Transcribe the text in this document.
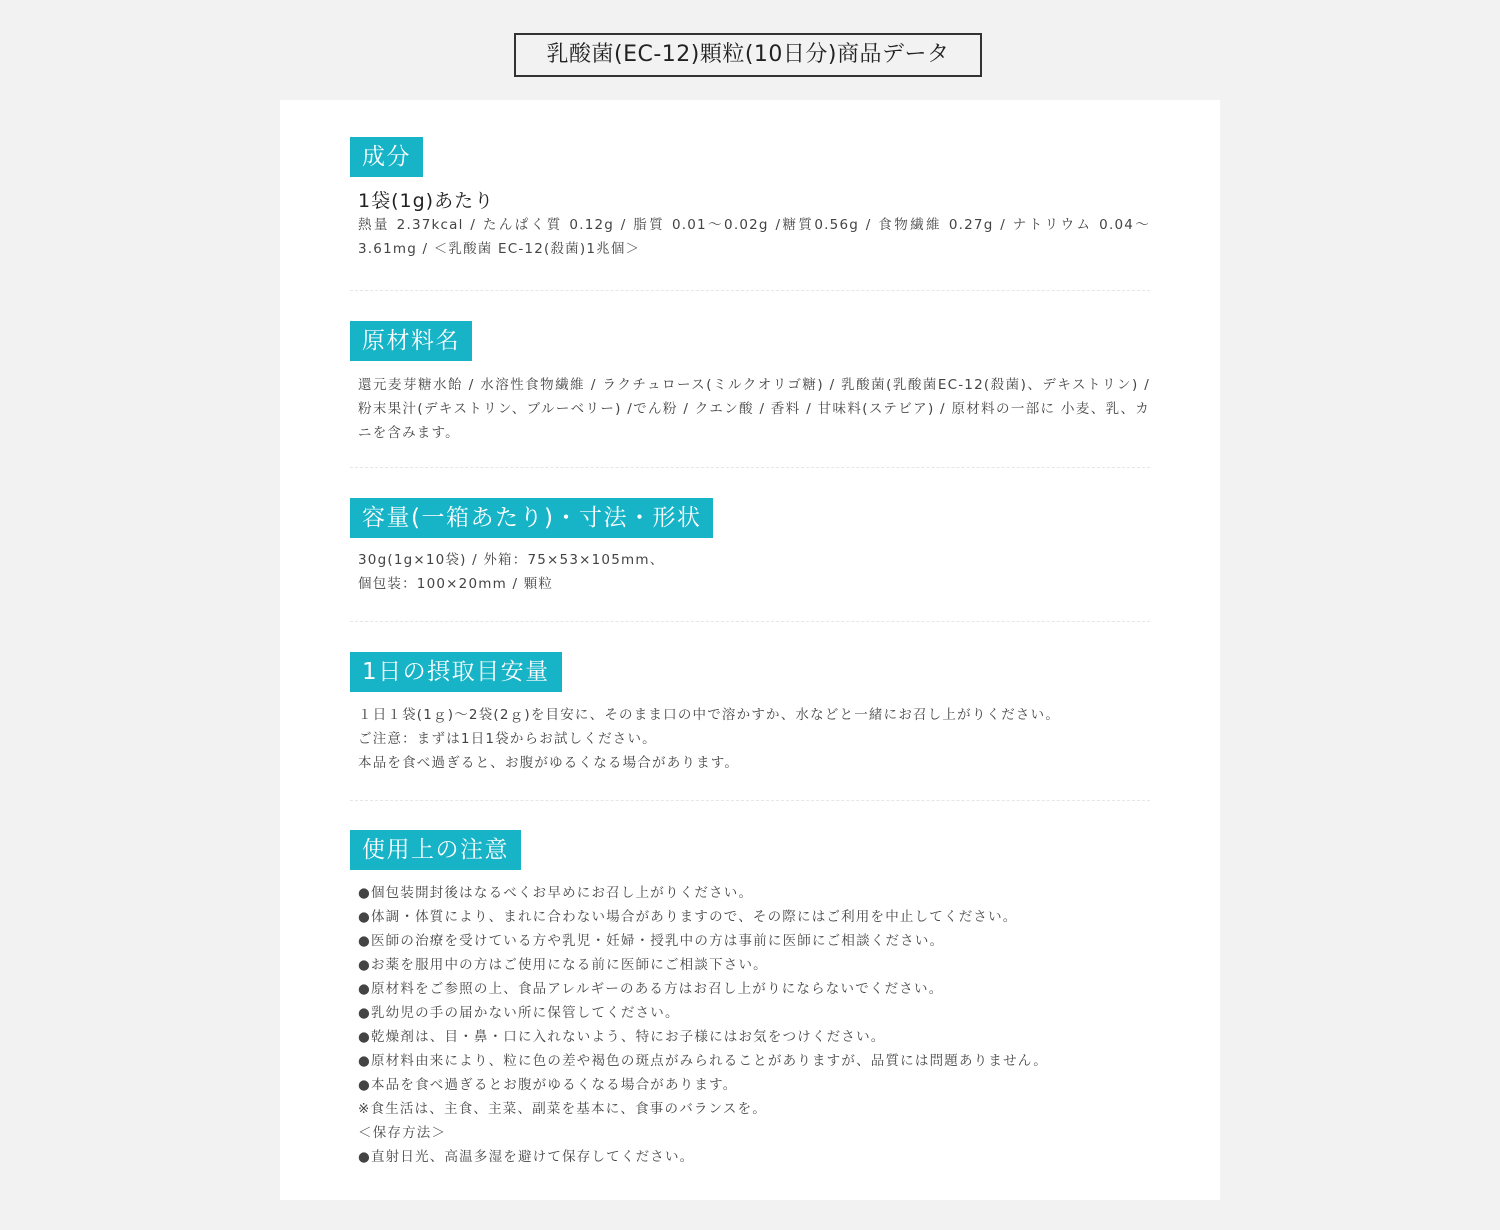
乳酸菌(EC-12)顆粒(10日分)商品データ
成分
1袋(1g)あたり
熱量 2.37kcal / たんぱく質 0.12g / 脂質 0.01～0.02g /糖質0.56g / 食物繊維 0.27g / ナトリウム 0.04～3.61mg / ＜乳酸菌 EC-12(殺菌)1兆個＞
原材料名
還元麦芽糖水飴 / 水溶性食物繊維 / ラクチュロース(ミルクオリゴ糖) / 乳酸菌(乳酸菌EC-12(殺菌)、デキストリン) / 粉末果汁(デキストリン、ブルーベリー) /でん粉 / クエン酸 / 香料 / 甘味料(ステビア) / 原材料の一部に 小麦、乳、カニを含みます。
容量(一箱あたり)・寸法・形状

30g(1g×10袋) / 外箱：75×53×105mm、

個包装：100×20mm / 顆粒

1日の摂取目安量

１日１袋(1ｇ)～2袋(2ｇ)を目安に、そのまま口の中で溶かすか、水などと一緒にお召し上がりください。

ご注意：まずは1日1袋からお試しください。

本品を食べ過ぎると、お腹がゆるくなる場合があります。

使用上の注意

●個包装開封後はなるべくお早めにお召し上がりください。

●体調・体質により、まれに合わない場合がありますので、その際にはご利用を中止してください。

●医師の治療を受けている方や乳児・妊婦・授乳中の方は事前に医師にご相談ください。

●お薬を服用中の方はご使用になる前に医師にご相談下さい。

●原材料をご参照の上、食品アレルギーのある方はお召し上がりにならないでください。

●乳幼児の手の届かない所に保管してください。

●乾燥剤は、目・鼻・口に入れないよう、特にお子様にはお気をつけください。

●原材料由来により、粒に色の差や褐色の斑点がみられることがありますが、品質には問題ありません。

●本品を食べ過ぎるとお腹がゆるくなる場合があります。

※食生活は、主食、主菜、副菜を基本に、食事のバランスを。

＜保存方法＞

●直射日光、高温多湿を避けて保存してください。
